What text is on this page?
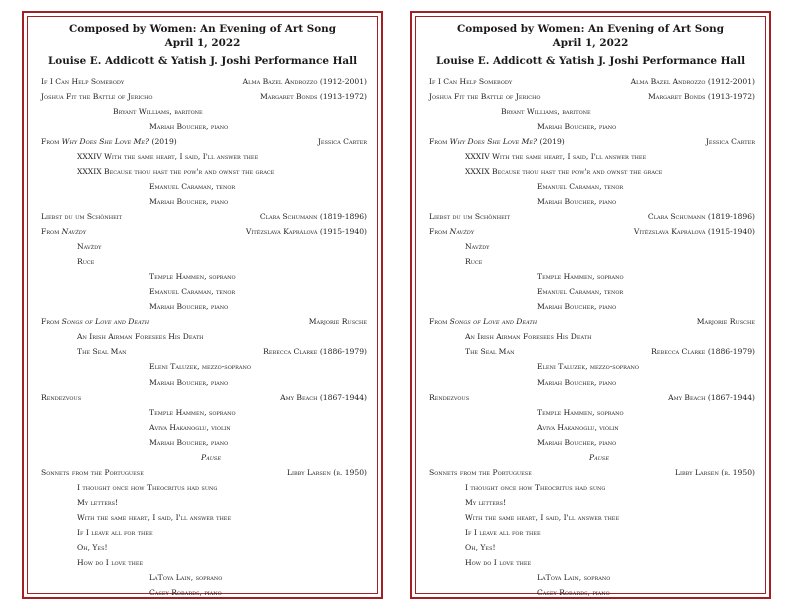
Composed by Women: An Evening of Art Song
April 1, 2022
Louise E. Addicott & Yatish J. Joshi Performance Hall
If I Can Help Somebody	Alma Bazel Androzzo (1912-2001)
Joshua Fit the Battle of Jericho	Margaret Bonds (1913-1972)
Bryant Williams, baritone
Mariah Boucher, piano
From Why Does She Love Me? (2019)	Jessica Carter
XXXIV With the same heart, I said, I'll answer thee
XXXIX Because thou hast the pow'r and ownst the grace
Emanuel Caraman, tenor
Mariah Boucher, piano
Liebst du um Schönheit	Clara Schumann (1819-1896)
From Navždy	Vítězslava Kaprálová (1915-1940)
Navždy
Ruce
Temple Hammen, soprano
Emanuel Caraman, tenor
Mariah Boucher, piano
From Songs of Love and Death	Marjorie Rusche
An Irish Airman Foresees His Death
The Seal Man	Rebecca Clarke (1886-1979)
Eleni Taluzek, mezzo-soprano
Mariah Boucher, piano
Rendezvous	Amy Beach (1867-1944)
Temple Hammen, soprano
Aviva Hakanoglu, violin
Mariah Boucher, piano
Pause
Sonnets from the Portuguese	Libby Larsen (b. 1950)
I thought once how Theocritus had sung
My letters!
With the same heart, I said, I'll answer thee
If I leave all for thee
Oh, Yes!
How do I love thee
LaToya Lain, soprano
Casey Robards, piano
Composed by Women: An Evening of Art Song
April 1, 2022
Louise E. Addicott & Yatish J. Joshi Performance Hall
If I Can Help Somebody	Alma Bazel Androzzo (1912-2001)
Joshua Fit the Battle of Jericho	Margaret Bonds (1913-1972)
Bryant Williams, baritone
Mariah Boucher, piano
From Why Does She Love Me? (2019)	Jessica Carter
XXXIV With the same heart, I said, I'll answer thee
XXXIX Because thou hast the pow'r and ownst the grace
Emanuel Caraman, tenor
Mariah Boucher, piano
Liebst du um Schönheit	Clara Schumann (1819-1896)
From Navždy	Vítězslava Kaprálová (1915-1940)
Navždy
Ruce
Temple Hammen, soprano
Emanuel Caraman, tenor
Mariah Boucher, piano
From Songs of Love and Death	Marjorie Rusche
An Irish Airman Foresees His Death
The Seal Man	Rebecca Clarke (1886-1979)
Eleni Taluzek, mezzo-soprano
Mariah Boucher, piano
Rendezvous	Amy Beach (1867-1944)
Temple Hammen, soprano
Aviva Hakanoglu, violin
Mariah Boucher, piano
Pause
Sonnets from the Portuguese	Libby Larsen (b. 1950)
I thought once how Theocritus had sung
My letters!
With the same heart, I said, I'll answer thee
If I leave all for thee
Oh, Yes!
How do I love thee
LaToya Lain, soprano
Casey Robards, piano
